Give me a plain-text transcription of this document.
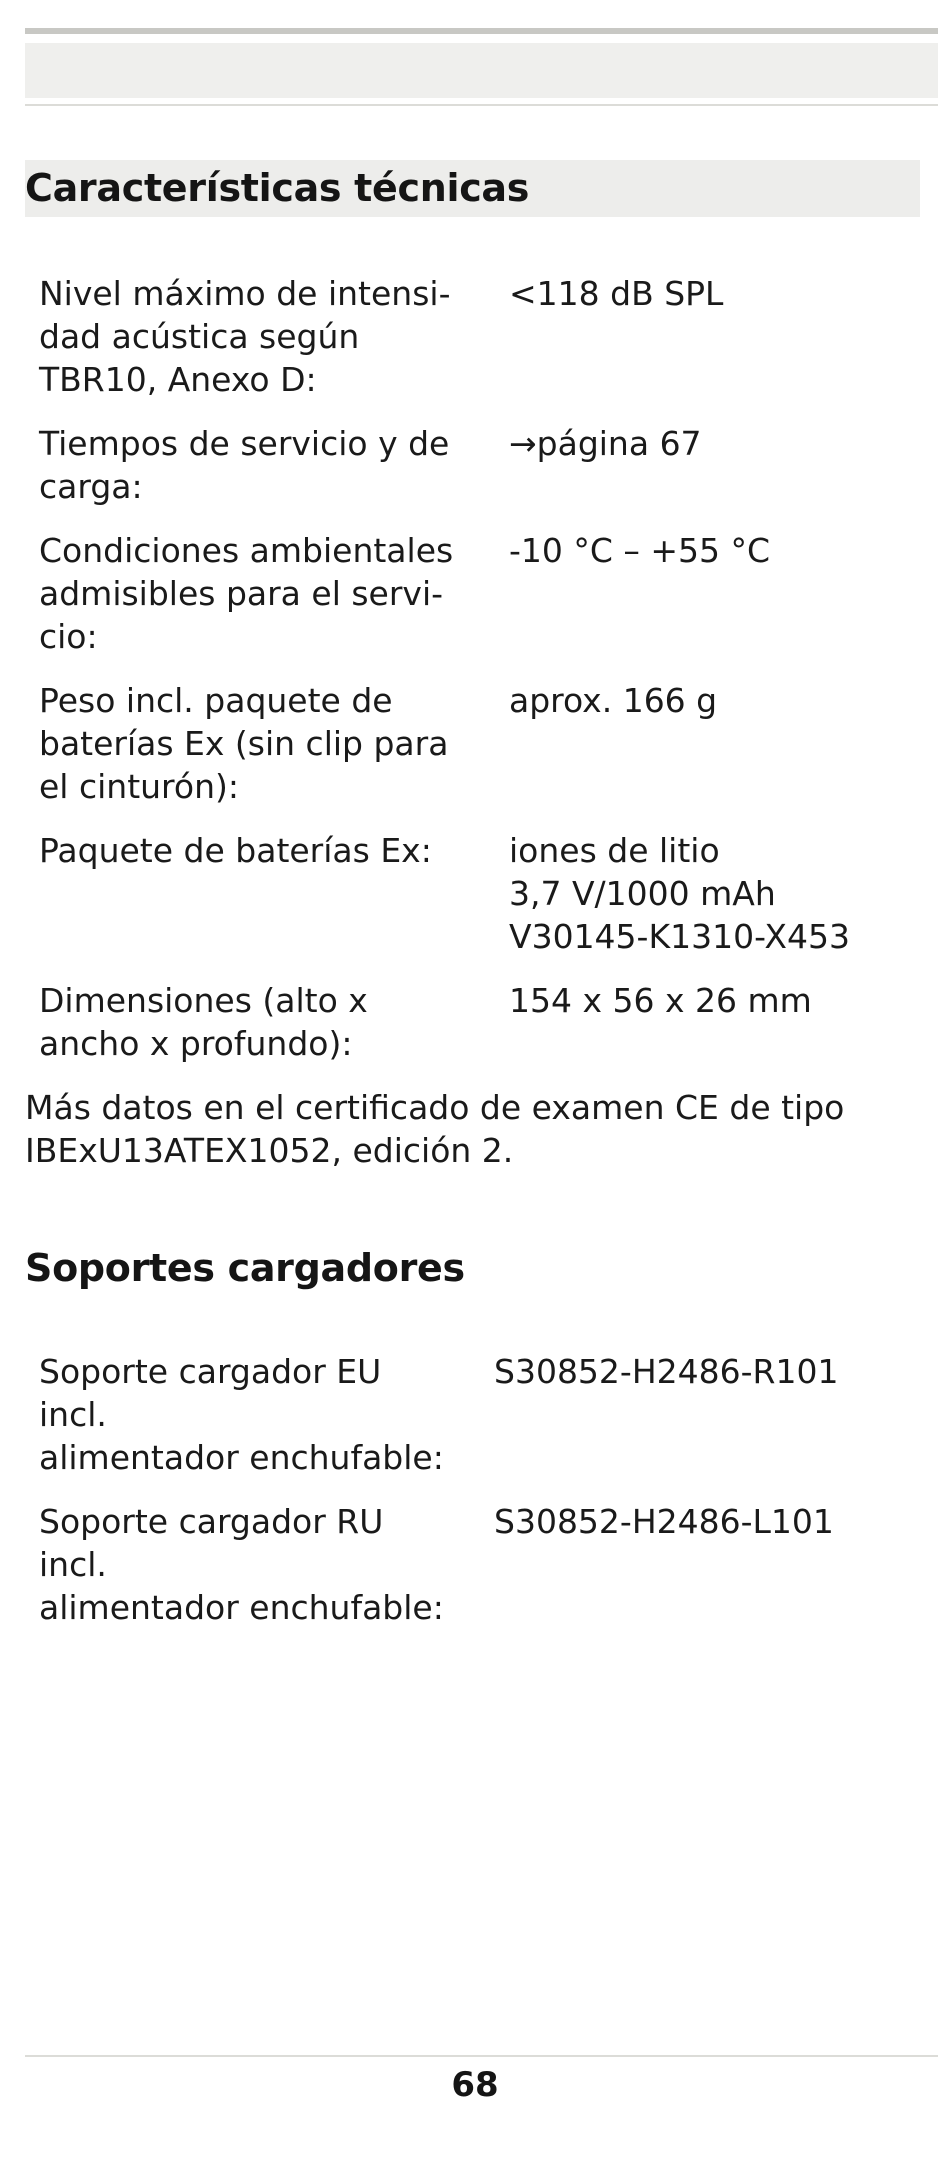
Características técnicas
Nivel máximo de intensi-
dad acústica según
TBR10, Anexo D:	<118 dB SPL
Tiempos de servicio y de
carga:	→página 67
Condiciones ambientales
admisibles para el servi-
cio:	-10 °C – +55 °C
Peso incl. paquete de
baterías Ex (sin clip para
el cinturón):	aprox. 166 g
Paquete de baterías Ex:	iones de litio
3,7 V/1000 mAh
V30145-K1310-X453
Dimensiones (alto x
ancho x profundo):	154 x 56 x 26 mm

Más datos en el certificado de examen CE de tipo
IBExU13ATEX1052, edición 2.

Soportes cargadores
Soporte cargador EU
incl.
alimentador enchufable:	S30852-H2486-R101
Soporte cargador RU
incl.
alimentador enchufable:	S30852-H2486-L101
68
